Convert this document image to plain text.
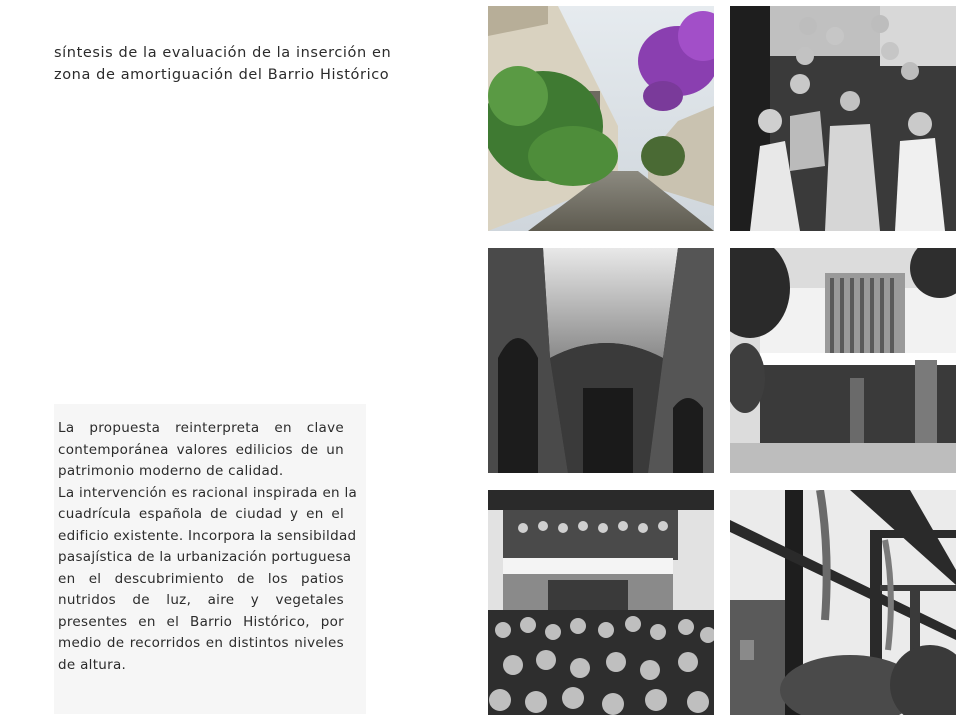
síntesis de la evaluación de la inserción en
zona de amortiguación del Barrio Histórico
La propuesta reinterpreta en clave
contemporánea valores edilicios de un
patrimonio moderno de calidad.
La intervención es racional inspirada en la
cuadrícula española de ciudad y en el
edificio existente. Incorpora la sensibildad
pasajística de la urbanización portuguesa
en el descubrimiento de los patios
nutridos de luz, aire y vegetales
presentes en el Barrio Histórico, por
medio de recorridos en distintos niveles
de altura.
